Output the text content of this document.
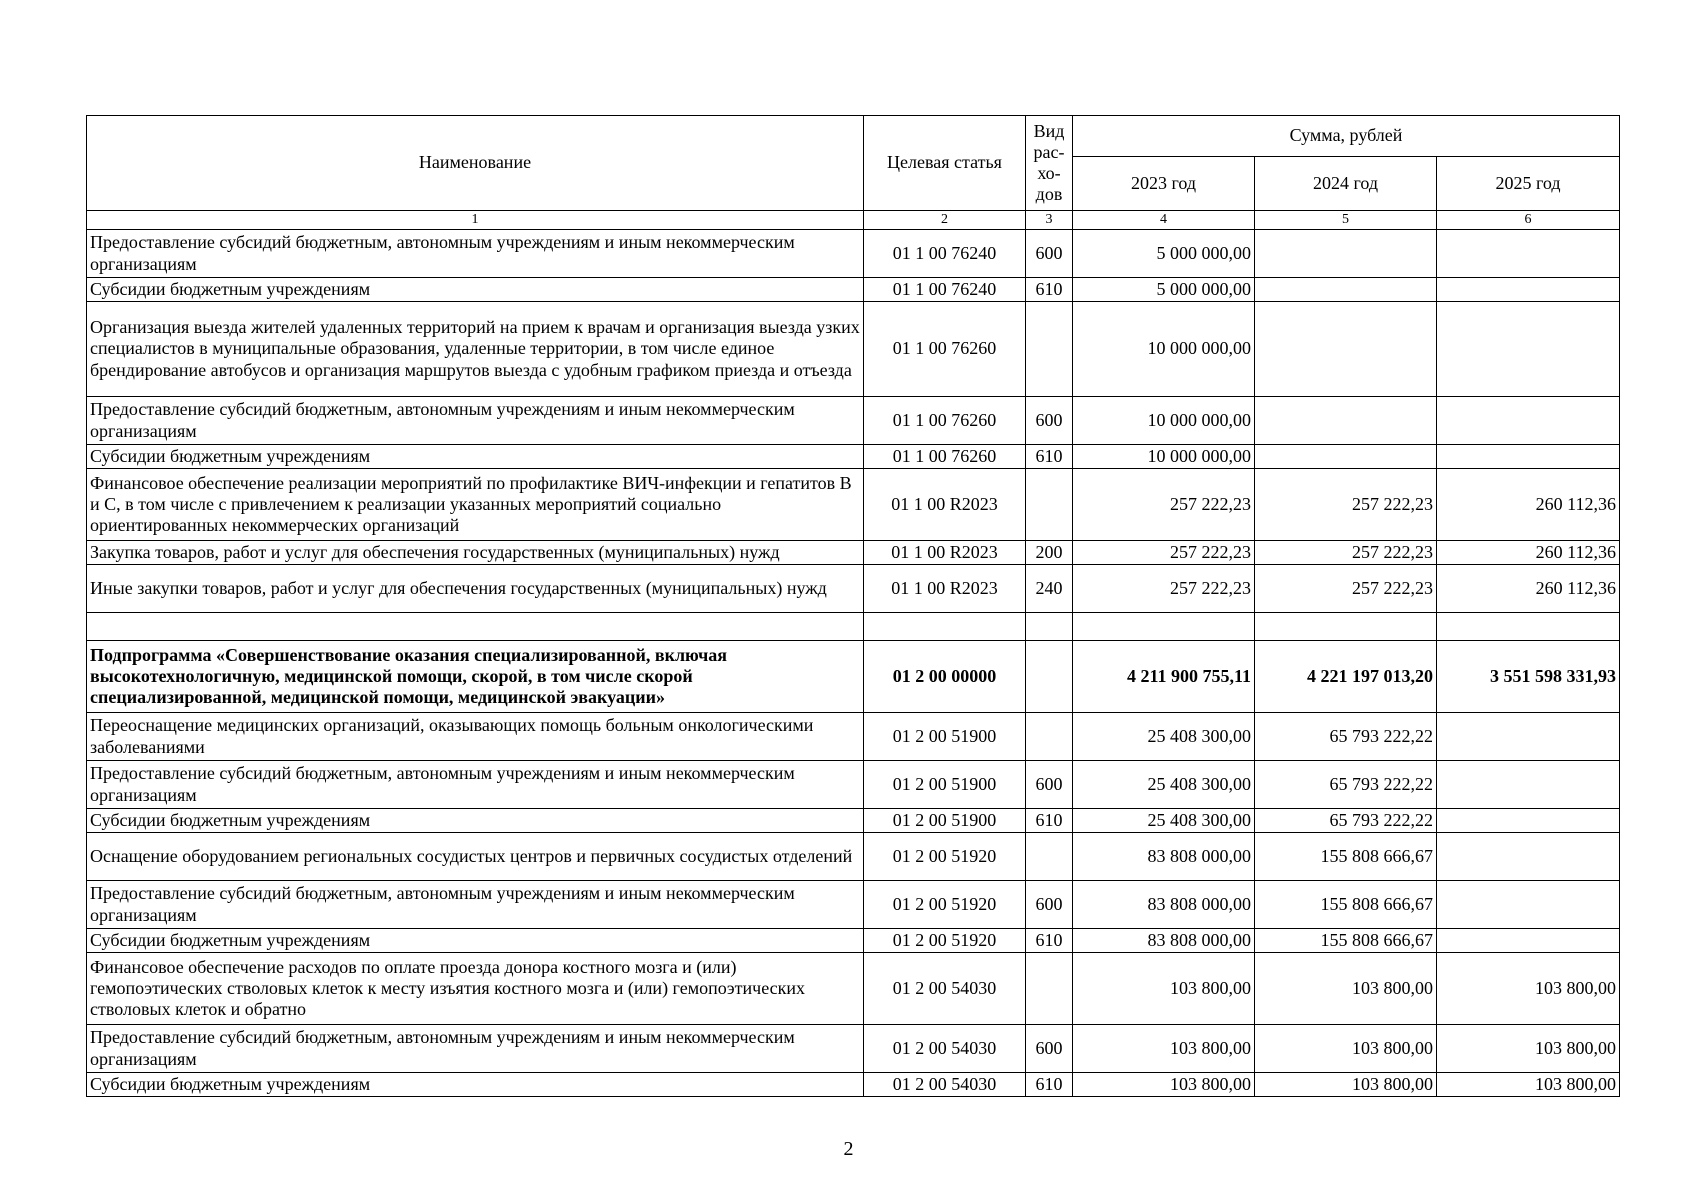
Наименование	Целевая статья	Вид рас-хо-дов	Сумма, рублей		
			2023 год	2024 год	2025 год
1	2	3	4	5	6
Предоставление субсидий бюджетным, автономным учреждениям и иным некоммерческим организациям	01 1 00 76240	600	5 000 000,00		
Субсидии бюджетным учреждениям	01 1 00 76240	610	5 000 000,00		
Организация выезда жителей удаленных территорий на прием к врачам и организация выезда узких специалистов в муниципальные образования, удаленные территории, в том числе единое брендирование автобусов и организация маршрутов выезда с удобным графиком приезда и отъезда	01 1 00 76260		10 000 000,00		
Предоставление субсидий бюджетным, автономным учреждениям и иным некоммерческим организациям	01 1 00 76260	600	10 000 000,00		
Субсидии бюджетным учреждениям	01 1 00 76260	610	10 000 000,00		
Финансовое обеспечение реализации мероприятий по профилактике ВИЧ-инфекции и гепатитов В и С, в том числе с привлечением к реализации указанных мероприятий социально ориентированных некоммерческих организаций	01 1 00 R2023		257 222,23	257 222,23	260 112,36
Закупка товаров, работ и услуг для обеспечения государственных (муниципальных) нужд	01 1 00 R2023	200	257 222,23	257 222,23	260 112,36
Иные закупки товаров, работ и услуг для обеспечения государственных (муниципальных) нужд	01 1 00 R2023	240	257 222,23	257 222,23	260 112,36

Подпрограмма «Совершенствование оказания специализированной, включая высокотехнологичную, медицинской помощи, скорой, в том числе скорой специализированной, медицинской помощи, медицинской эвакуации»	01 2 00 00000		4 211 900 755,11	4 221 197 013,20	3 551 598 331,93
Переоснащение медицинских организаций, оказывающих помощь больным онкологическими заболеваниями	01 2 00 51900		25 408 300,00	65 793 222,22	
Предоставление субсидий бюджетным, автономным учреждениям и иным некоммерческим организациям	01 2 00 51900	600	25 408 300,00	65 793 222,22	
Субсидии бюджетным учреждениям	01 2 00 51900	610	25 408 300,00	65 793 222,22	
Оснащение оборудованием региональных сосудистых центров и первичных сосудистых отделений	01 2 00 51920		83 808 000,00	155 808 666,67	
Предоставление субсидий бюджетным, автономным учреждениям и иным некоммерческим организациям	01 2 00 51920	600	83 808 000,00	155 808 666,67	
Субсидии бюджетным учреждениям	01 2 00 51920	610	83 808 000,00	155 808 666,67	
Финансовое обеспечение расходов по оплате проезда донора костного мозга и (или) гемопоэтических стволовых клеток к месту изъятия костного мозга и (или) гемопоэтических стволовых клеток и обратно	01 2 00 54030		103 800,00	103 800,00	103 800,00
Предоставление субсидий бюджетным, автономным учреждениям и иным некоммерческим организациям	01 2 00 54030	600	103 800,00	103 800,00	103 800,00
Субсидии бюджетным учреждениям	01 2 00 54030	610	103 800,00	103 800,00	103 800,00
2
